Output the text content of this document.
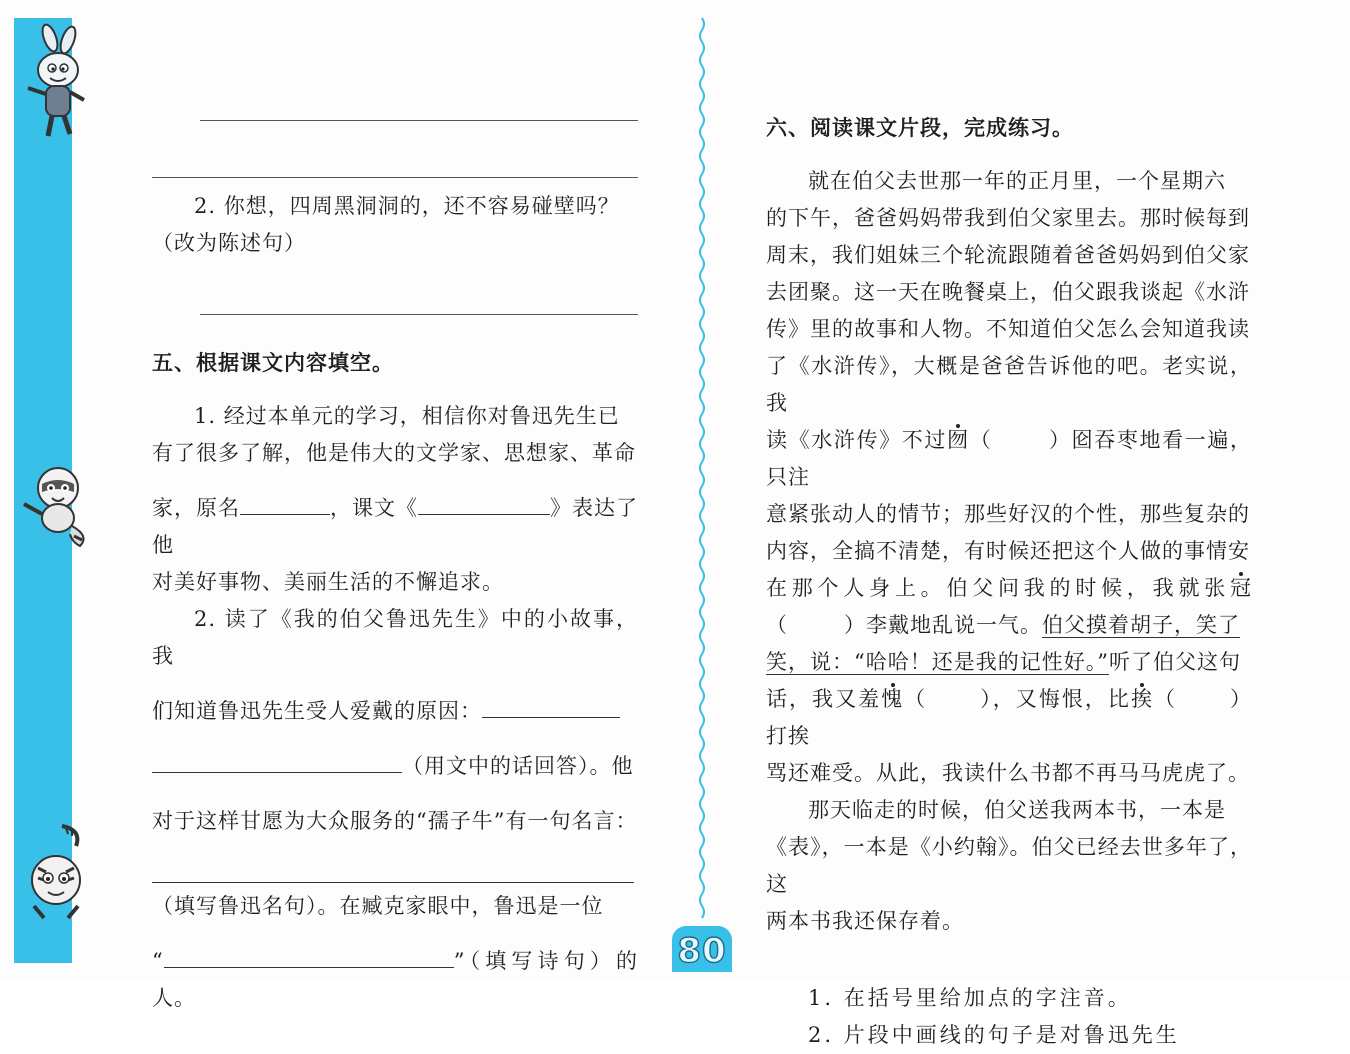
2. 你想，四周黑洞洞的，还不容易碰壁吗？
（改为陈述句）
五、根据课文内容填空。
1. 经过本单元的学习，相信你对鲁迅先生已
有了很多了解，他是伟大的文学家、思想家、革命
家，原名	，课文《	》表达了他
对美好事物、美丽生活的不懈追求。
2. 读了《我的伯父鲁迅先生》中的小故事，我
们知道鲁迅先生受人爱戴的原因：
（用文中的话回答）。他
对于这样甘愿为大众服务的“孺子牛”有一句名言：
（填写鲁迅名句）。在臧克家眼中，鲁迅是一位
“	”（填写诗句）的人。
六、阅读课文片段，完成练习。
就在伯父去世那一年的正月里，一个星期六
的下午，爸爸妈妈带我到伯父家里去。那时候每到
周末，我们姐妹三个轮流跟随着爸爸妈妈到伯父家
去团聚。这一天在晚餐桌上，伯父跟我谈起《水浒
传》里的故事和人物。不知道伯父怎么会知道我读
了《水浒传》，大概是爸爸告诉他的吧。老实说，我
读《水浒传》不过囫（	）囵吞枣地看一遍，只注
意紧张动人的情节；那些好汉的个性，那些复杂的
内容，全搞不清楚，有时候还把这个人做的事情安
在那个人身上。伯父问我的时候，我就张冠
（	）李戴地乱说一气。伯父摸着胡子，笑了
笑，说：“哈哈！还是我的记性好。”听了伯父这句
话，我又羞愧（ ），又悔恨，比挨（ ）打挨
骂还难受。从此，我读什么书都不再马马虎虎了。
那天临走的时候，伯父送我两本书，一本是
《表》，一本是《小约翰》。伯父已经去世多年了，这
两本书我还保存着。
1. 在括号里给加点的字注音。
2. 片段中画线的句子是对鲁迅先生
80
